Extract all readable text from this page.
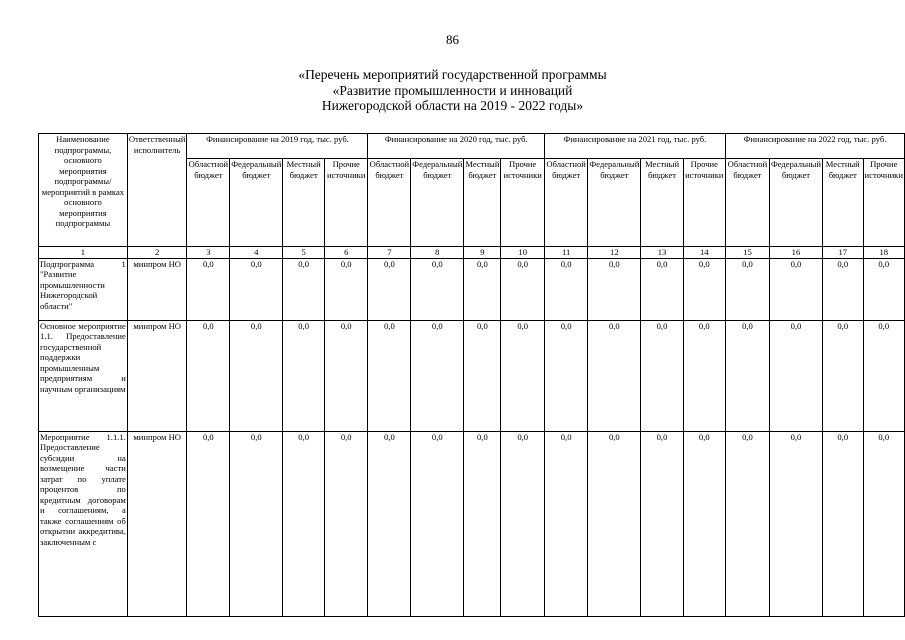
86
«Перечень мероприятий государственной программы
«Развитие промышленности и инноваций
Нижегородской области на 2019 - 2022 годы»
Наименование подпрограммы, основного мероприятия подпрограммы/мероприятий в рамках основного мероприятия подпрограммы	Ответственный исполнитель	Финансирование на 2019 год, тыс. руб.				Финансирование на 2020 год, тыс. руб.				Финансирование на 2021 год, тыс. руб.				Финансирование на 2022 год, тыс. руб.			
		Областной бюджет	Федеральный бюджет	Местный бюджет	Прочие источники	Областной бюджет	Федеральный бюджет	Местный бюджет	Прочие источники	Областной бюджет	Федеральный бюджет	Местный бюджет	Прочие источники	Областной бюджет	Федеральный бюджет	Местный бюджет	Прочие источники
1	2	3	4	5	6	7	8	9	10	11	12	13	14	15	16	17	18
Подпрограмма 1 "Развитие промышленности Нижегородской области"	минпром НО	0,0	0,0	0,0	0,0	0,0	0,0	0,0	0,0	0,0	0,0	0,0	0,0	0,0	0,0	0,0	0,0
Основное мероприятие 1.1. Предоставление государственной поддержки промышленным предприятиям и научным организациям	минпром НО	0,0	0,0	0,0	0,0	0,0	0,0	0,0	0,0	0,0	0,0	0,0	0,0	0,0	0,0	0,0	0,0

Мероприятие 1.1.1. Предоставление субсидии на возмещение части затрат по уплате процентов по кредитным договорам и соглашениям, а также соглашениям об открытии аккредитива, заключенным с	минпром НО	0,0	0,0	0,0	0,0	0,0	0,0	0,0	0,0	0,0	0,0	0,0	0,0	0,0	0,0	0,0	0,0
